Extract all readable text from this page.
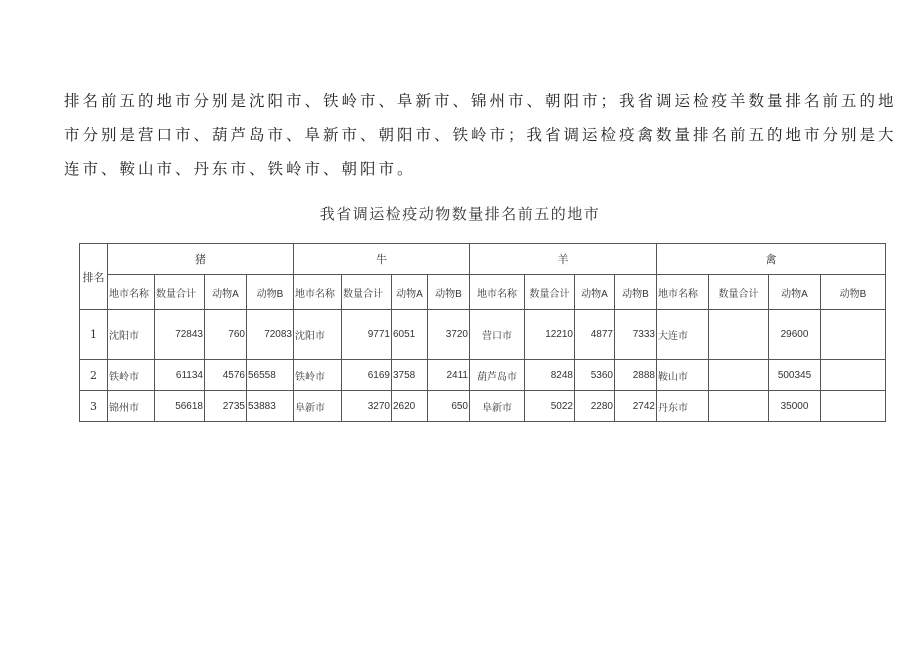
排名前五的地市分别是沈阳市、铁岭市、阜新市、锦州市、朝阳市；我省调运检疫羊数量排名前五的地市分别是营口市、葫芦岛市、阜新市、朝阳市、铁岭市；我省调运检疫禽数量排名前五的地市分别是大连市、鞍山市、丹东市、铁岭市、朝阳市。

我省调运检疫动物数量排名前五的地市
排名	猪				牛				羊				禽			
	地市名称	数量合计	动物A	动物B	地市名称	数量合计	动物A	动物B	地市名称	数量合计	动物A	动物B	地市名称	数量合计	动物A	动物B
1	沈阳市	72843	760	72083	沈阳市	9771	6051	3720	营口市	12210	4877	7333	大连市		29600	
2	铁岭市	61134	4576	56558	铁岭市	6169	3758	2411	葫芦岛市	8248	5360	2888	鞍山市		500345	
3	锦州市	56618	2735	53883	阜新市	3270	2620	650	阜新市	5022	2280	2742	丹东市		35000	
